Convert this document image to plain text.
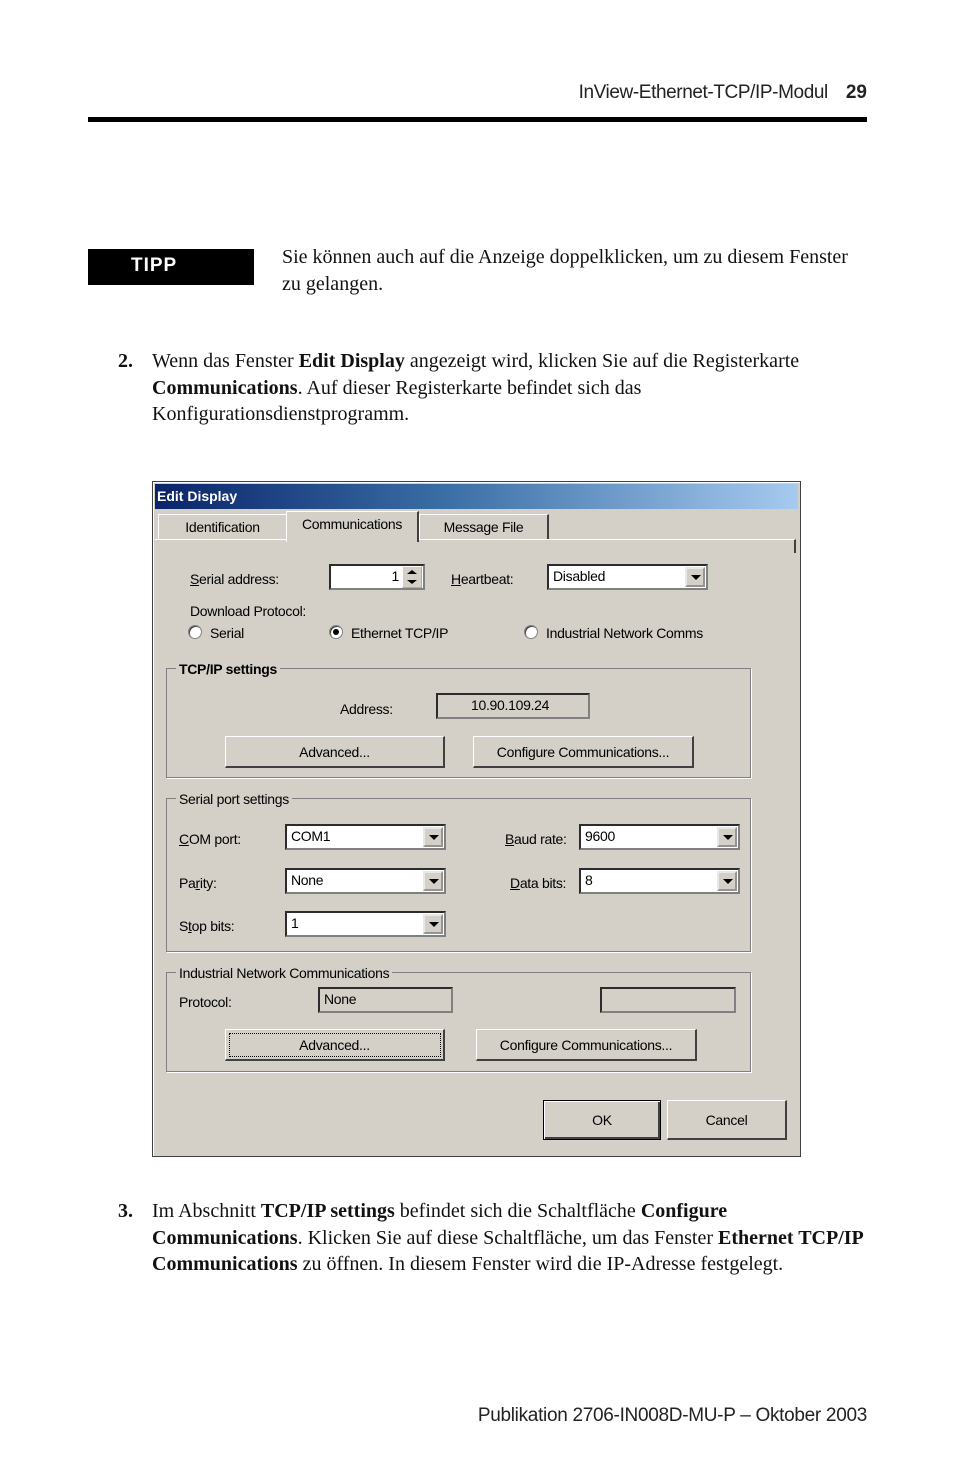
InView-Ethernet-TCP/IP-Modul 29
TIPP	Sie können auch auf die Anzeige doppelklicken, um zu diesem Fenster zu gelangen.
2. Wenn das Fenster Edit Display angezeigt wird, klicken Sie auf die Registerkarte Communications. Auf dieser Registerkarte befindet sich das Konfigurationsdienstprogramm.
Edit Display
Identification	Communications	Message File
Serial address:	1	Heartbeat:	Disabled
Download Protocol:
Serial	Ethernet TCP/IP	Industrial Network Comms
TCP/IP settings
Address:	10.90.109.24
Advanced...	Configure Communications...
Serial port settings
COM port:	COM1
Parity:	None
Stop bits:	1
Baud rate:	9600
Data bits:	8
Industrial Network Communications
Protocol:	None
Advanced...	Configure Communications...
OK	Cancel
3. Im Abschnitt TCP/IP settings befindet sich die Schaltfläche Configure Communications. Klicken Sie auf diese Schaltfläche, um das Fenster Ethernet TCP/IP Communications zu öffnen. In diesem Fenster wird die IP-Adresse festgelegt.
Publikation 2706-IN008D-MU-P – Oktober 2003
